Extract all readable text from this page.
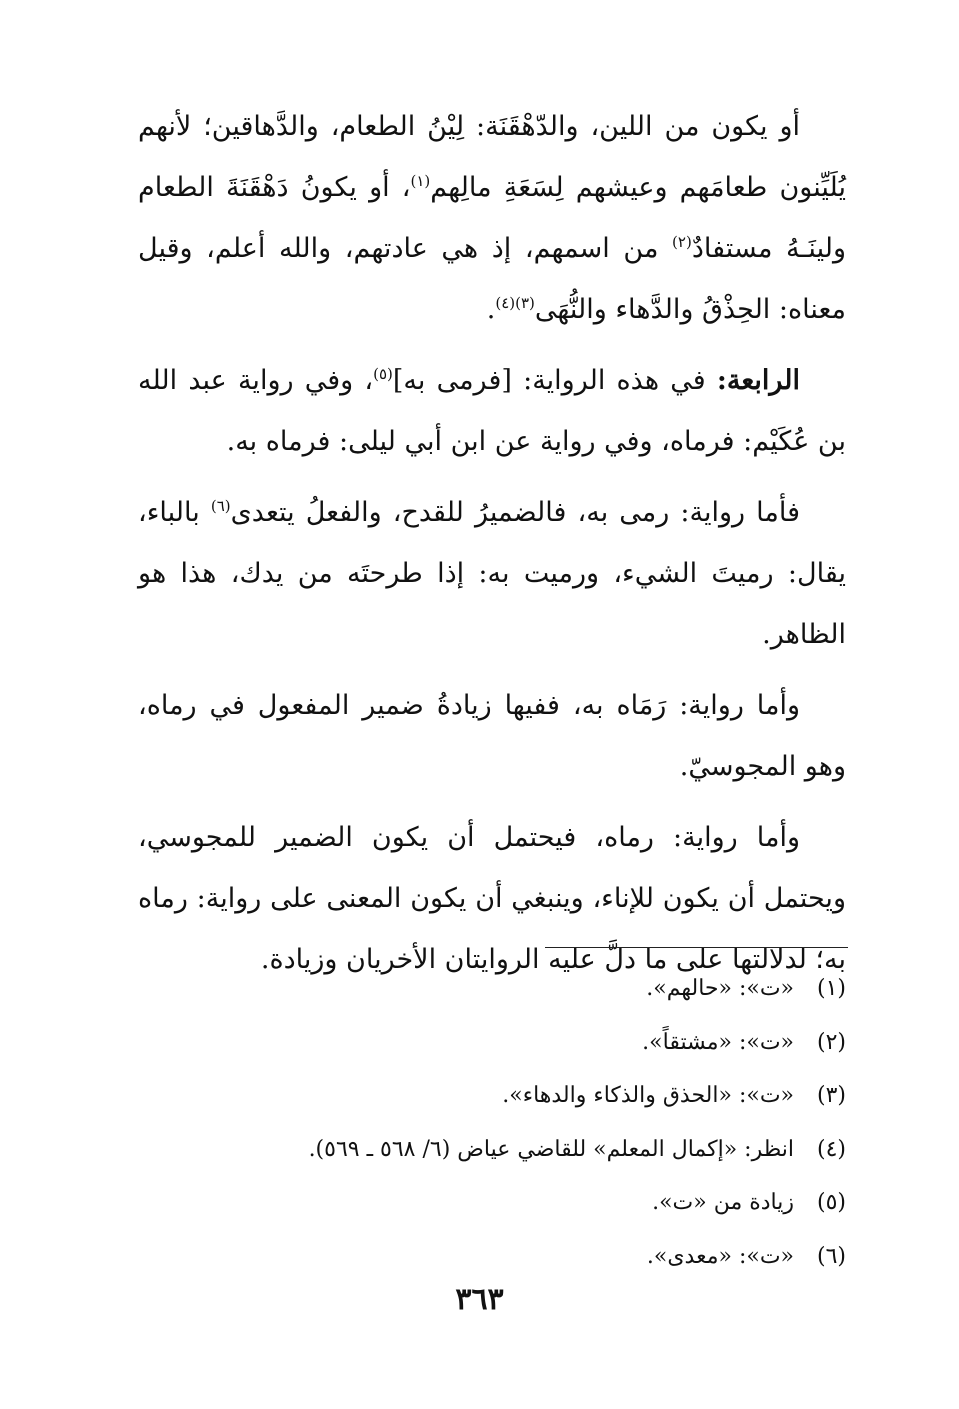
أو يكون من اللين، والدّهْقَنَة: لِيْنُ الطعام، والدَّهاقين؛ لأنهم يُلَيِّنون طعامَهم وعيشهم لِسَعَةِ مالِهم$^{(١)}$، أو يكونُ دَهْقَنَةَ الطعام ولينَـهُ مستفادٌ$^{(٢)}$ من اسمهم، إذ هي عادتهم، والله أعلم، وقيل معناه: الحِذْقُ والدَّهاء والنُّهَى$^{(٣)(٤)}$.

الرابعة: في هذه الرواية: [فرمى به]$^{(٥)}$، وفي رواية عبد الله بن عُكَيْم: فرماه، وفي رواية عن ابن أبي ليلى: فرماه به.

فأما رواية: رمى به، فالضميرُ للقدح، والفعلُ يتعدى$^{(٦)}$ بالباء، يقال: رميتَ الشيء، ورميت به: إذا طرحتَه من يدك، هذا هو الظاهر.

وأما رواية: رَمَاه به، ففيها زيادةُ ضمير المفعول في رماه، وهو المجوسيّ.

وأما رواية: رماه، فيحتمل أن يكون الضمير للمجوسي، ويحتمل أن يكون للإناء، وينبغي أن يكون المعنى على رواية: رماه به؛ لدلالتها على ما دلَّ عليه الروايتان الأخريان وزيادة.

(١)
«ت»: «حالهم».
(٢)
«ت»: «مشتقاً».
(٣)
«ت»: «الحذق والذكاء والدهاء».
(٤)
انظر: «إكمال المعلم» للقاضي عياض (٦/ ٥٦٨ ـ ٥٦٩).
(٥)
زيادة من «ت».
(٦)
«ت»: «معدى».
٣٦٣
